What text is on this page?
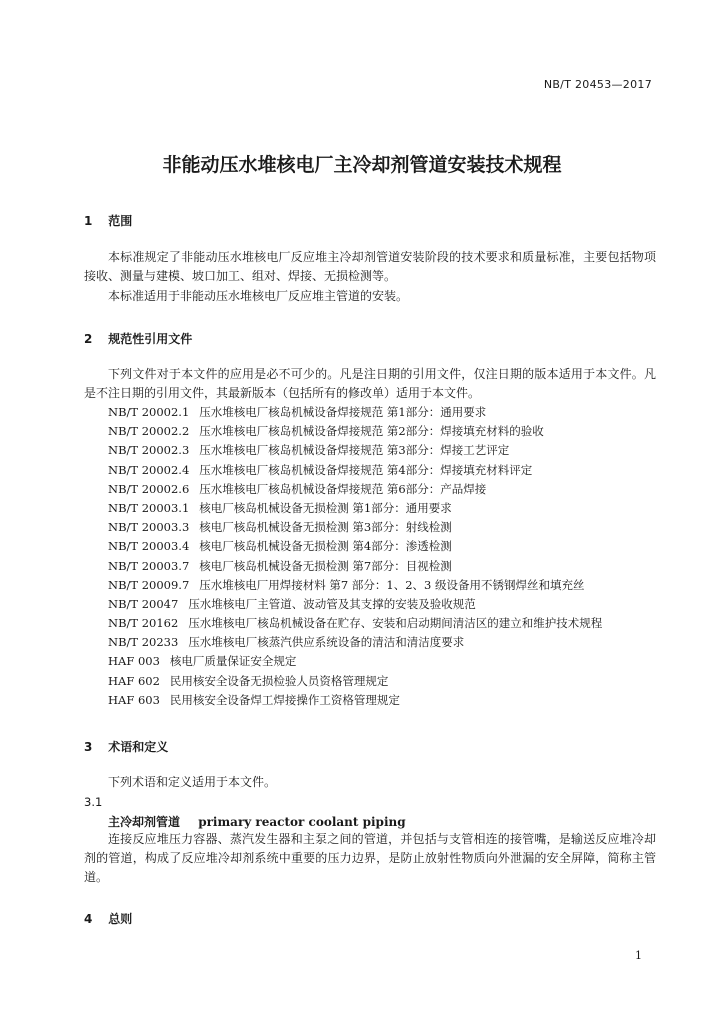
NB/T 20453—2017
非能动压水堆核电厂主冷却剂管道安装技术规程
1 范围
本标准规定了非能动压水堆核电厂反应堆主冷却剂管道安装阶段的技术要求和质量标准，主要包括物项接收、测量与建模、坡口加工、组对、焊接、无损检测等。
本标准适用于非能动压水堆核电厂反应堆主管道的安装。
2 规范性引用文件
下列文件对于本文件的应用是必不可少的。凡是注日期的引用文件，仅注日期的版本适用于本文件。凡是不注日期的引用文件，其最新版本（包括所有的修改单）适用于本文件。
NB/T 20002.1 压水堆核电厂核岛机械设备焊接规范 第1部分：通用要求
NB/T 20002.2 压水堆核电厂核岛机械设备焊接规范 第2部分：焊接填充材料的验收
NB/T 20002.3 压水堆核电厂核岛机械设备焊接规范 第3部分：焊接工艺评定
NB/T 20002.4 压水堆核电厂核岛机械设备焊接规范 第4部分：焊接填充材料评定
NB/T 20002.6 压水堆核电厂核岛机械设备焊接规范 第6部分：产品焊接
NB/T 20003.1 核电厂核岛机械设备无损检测 第1部分：通用要求
NB/T 20003.3 核电厂核岛机械设备无损检测 第3部分：射线检测
NB/T 20003.4 核电厂核岛机械设备无损检测 第4部分：渗透检测
NB/T 20003.7 核电厂核岛机械设备无损检测 第7部分：目视检测
NB/T 20009.7 压水堆核电厂用焊接材料 第7 部分：1、2、3 级设备用不锈钢焊丝和填充丝
NB/T 20047 压水堆核电厂主管道、波动管及其支撑的安装及验收规范
NB/T 20162 压水堆核电厂核岛机械设备在贮存、安装和启动期间清洁区的建立和维护技术规程
NB/T 20233 压水堆核电厂核蒸汽供应系统设备的清洁和清洁度要求
HAF 003 核电厂质量保证安全规定
HAF 602 民用核安全设备无损检验人员资格管理规定
HAF 603 民用核安全设备焊工焊接操作工资格管理规定
3 术语和定义
下列术语和定义适用于本文件。
3.1
主冷却剂管道 primary reactor coolant piping
连接反应堆压力容器、蒸汽发生器和主泵之间的管道，并包括与支管相连的接管嘴，是输送反应堆冷却剂的管道，构成了反应堆冷却剂系统中重要的压力边界，是防止放射性物质向外泄漏的安全屏障，简称主管道。
4 总则
1
